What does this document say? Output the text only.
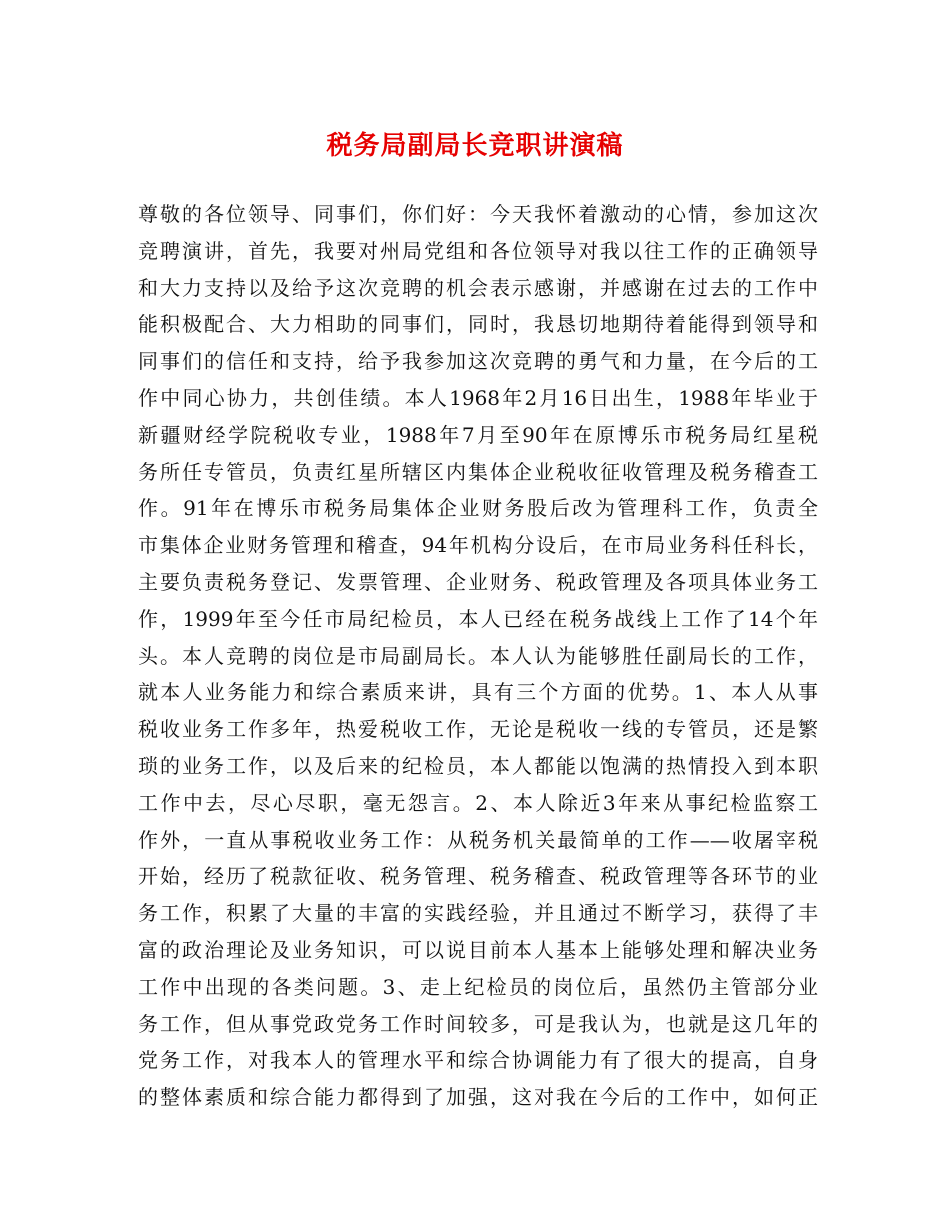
税务局副局长竞职讲演稿
尊敬的各位领导、同事们，你们好：今天我怀着激动的心情，参加这次
竞聘演讲，首先，我要对州局党组和各位领导对我以往工作的正确领导
和大力支持以及给予这次竞聘的机会表示感谢，并感谢在过去的工作中
能积极配合、大力相助的同事们，同时，我恳切地期待着能得到领导和
同事们的信任和支持，给予我参加这次竞聘的勇气和力量，在今后的工
作中同心协力，共创佳绩。本人1968年2月16日出生，1988年毕业于
新疆财经学院税收专业，1988年7月至90年在原博乐市税务局红星税
务所任专管员，负责红星所辖区内集体企业税收征收管理及税务稽查工
作。91年在博乐市税务局集体企业财务股后改为管理科工作，负责全
市集体企业财务管理和稽查，94年机构分设后，在市局业务科任科长，
主要负责税务登记、发票管理、企业财务、税政管理及各项具体业务工
作，1999年至今任市局纪检员，本人已经在税务战线上工作了14个年
头。本人竞聘的岗位是市局副局长。本人认为能够胜任副局长的工作，
就本人业务能力和综合素质来讲，具有三个方面的优势。1、本人从事
税收业务工作多年，热爱税收工作，无论是税收一线的专管员，还是繁
琐的业务工作，以及后来的纪检员，本人都能以饱满的热情投入到本职
工作中去，尽心尽职，毫无怨言。2、本人除近3年来从事纪检监察工
作外，一直从事税收业务工作：从税务机关最简单的工作——收屠宰税
开始，经历了税款征收、税务管理、税务稽查、税政管理等各环节的业
务工作，积累了大量的丰富的实践经验，并且通过不断学习，获得了丰
富的政治理论及业务知识，可以说目前本人基本上能够处理和解决业务
工作中出现的各类问题。3、走上纪检员的岗位后，虽然仍主管部分业
务工作，但从事党政党务工作时间较多，可是我认为，也就是这几年的
党务工作，对我本人的管理水平和综合协调能力有了很大的提高，自身
的整体素质和综合能力都得到了加强，这对我在今后的工作中，如何正
